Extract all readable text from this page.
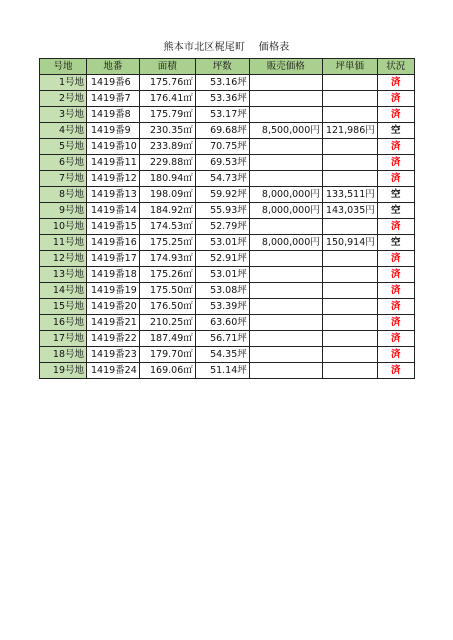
熊本市北区梶尾町　 価格表
号地	地番	面積	坪数	販売価格	坪単価	状況
1号地	1419番6	175.76㎡	53.16坪			済
2号地	1419番7	176.41㎡	53.36坪			済
3号地	1419番8	175.79㎡	53.17坪			済
4号地	1419番9	230.35㎡	69.68坪	8,500,000円	121,986円	空
5号地	1419番10	233.89㎡	70.75坪			済
6号地	1419番11	229.88㎡	69.53坪			済
7号地	1419番12	180.94㎡	54.73坪			済
8号地	1419番13	198.09㎡	59.92坪	8,000,000円	133,511円	空
9号地	1419番14	184.92㎡	55.93坪	8,000,000円	143,035円	空
10号地	1419番15	174.53㎡	52.79坪			済
11号地	1419番16	175.25㎡	53.01坪	8,000,000円	150,914円	空
12号地	1419番17	174.93㎡	52.91坪			済
13号地	1419番18	175.26㎡	53.01坪			済
14号地	1419番19	175.50㎡	53.08坪			済
15号地	1419番20	176.50㎡	53.39坪			済
16号地	1419番21	210.25㎡	63.60坪			済
17号地	1419番22	187.49㎡	56.71坪			済
18号地	1419番23	179.70㎡	54.35坪			済
19号地	1419番24	169.06㎡	51.14坪			済
